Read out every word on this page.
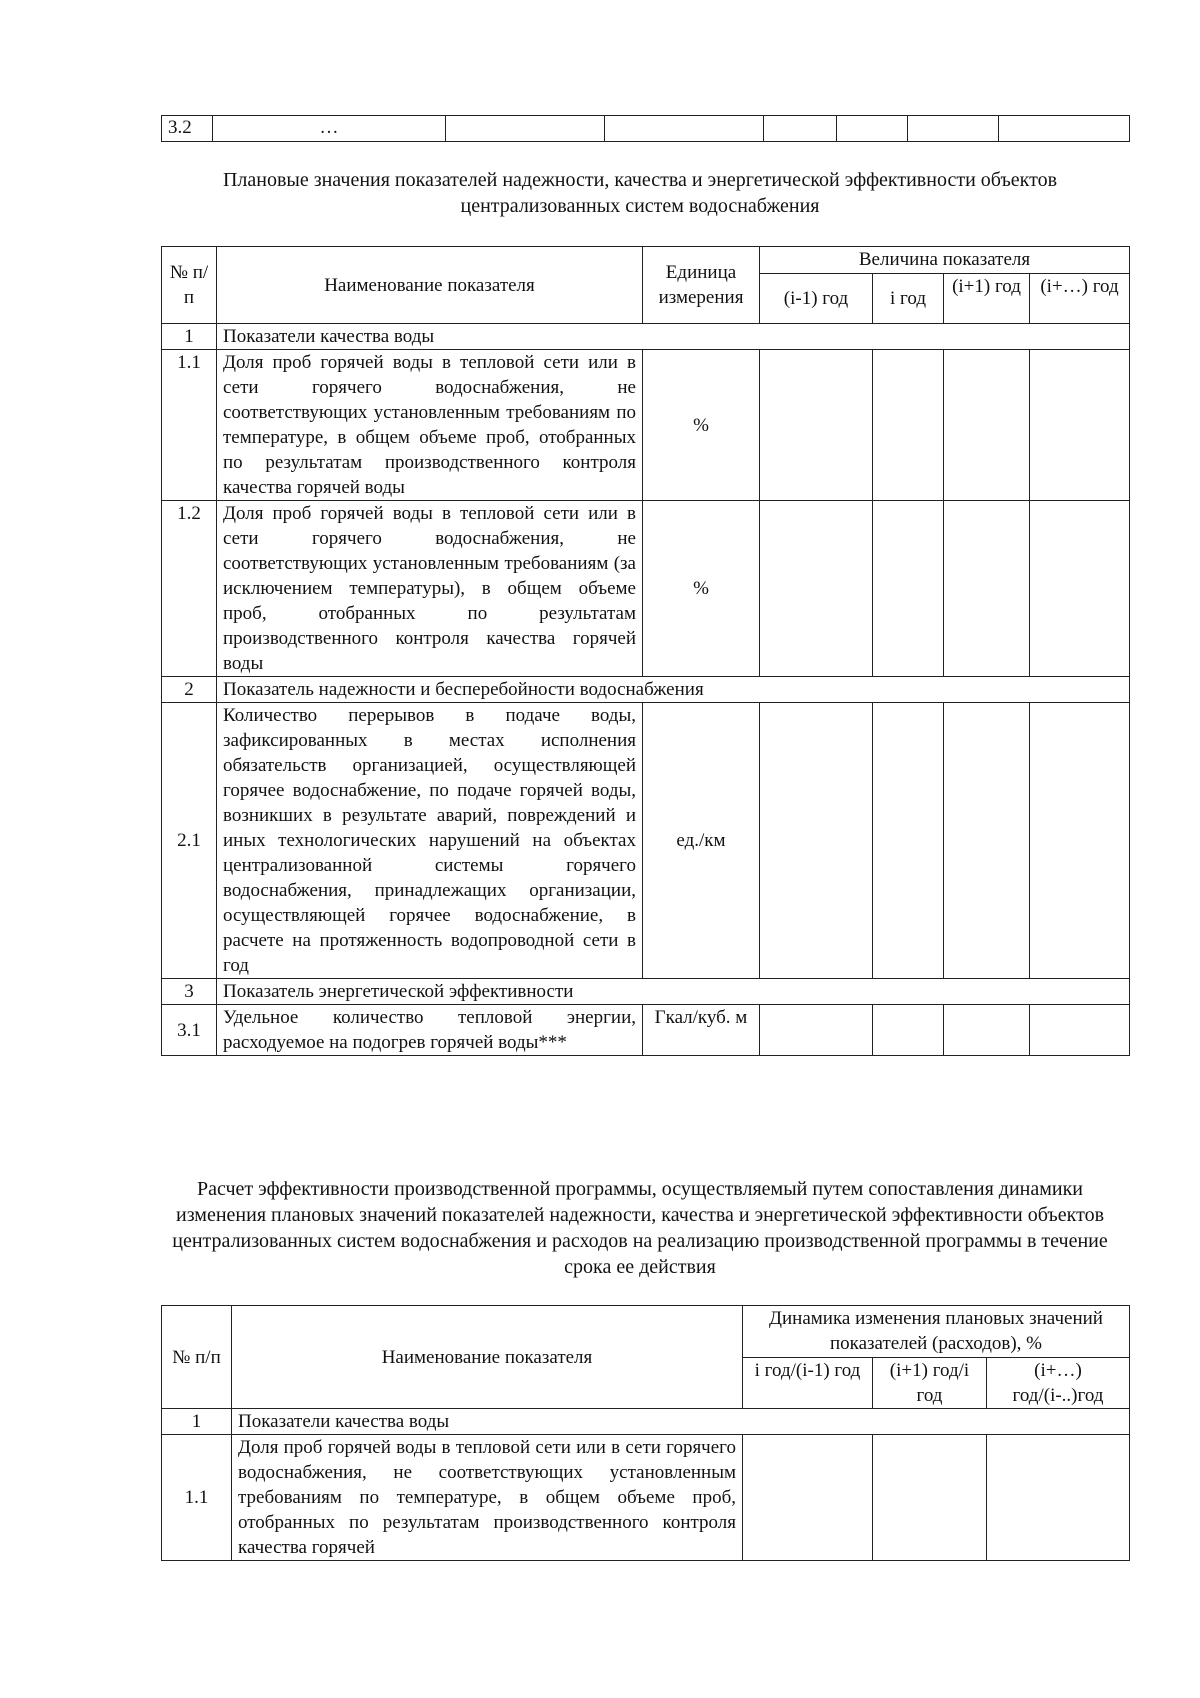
3.2	…						

Плановые значения показателей надежности, качества и энергетической эффективности объектов централизованных систем водоснабжения

№ п/п	Наименование показателя	Единица измерения	Величина показателя			
			(i-1) год	i год	(i+1) год	(i+…) год
1	Показатели качества воды					
1.1	Доля проб горячей воды в тепловой сети или в сети горячего водоснабжения, не соответствующих установленным требованиям по температуре, в общем объеме проб, отобранных по результатам производственного контроля качества горячей воды	%				
1.2	Доля проб горячей воды в тепловой сети или в сети горячего водоснабжения, не соответствующих установленным требованиям (за исключением температуры), в общем объеме проб, отобранных по результатам производственного контроля качества горячей воды	%				
2	Показатель надежности и бесперебойности водоснабжения					
2.1	Количество перерывов в подаче воды, зафиксированных в местах исполнения обязательств организацией, осуществляющей горячее водоснабжение, по подаче горячей воды, возникших в результате аварий, повреждений и иных технологических нарушений на объектах централизованной системы горячего водоснабжения, принадлежащих организации, осуществляющей горячее водоснабжение, в расчете на протяженность водопроводной сети в год	ед./км				
3	Показатель энергетической эффективности					
3.1	Удельное количество тепловой энергии, расходуемое на подогрев горячей воды***	Гкал/куб. м				

Расчет эффективности производственной программы, осуществляемый путем сопоставления динамики изменения плановых значений показателей надежности, качества и энергетической эффективности объектов централизованных систем водоснабжения и расходов на реализацию производственной программы в течение срока ее действия

№ п/п	Наименование показателя	Динамика изменения плановых значений показателей (расходов), %		
		i год/(i-1) год	(i+1) год/i год	(i+…) год/(i-..)год
1	Показатели качества воды			
1.1	Доля проб горячей воды в тепловой сети или в сети горячего водоснабжения, не соответствующих установленным требованиям по температуре, в общем объеме проб, отобранных по результатам производственного контроля качества горячей			
